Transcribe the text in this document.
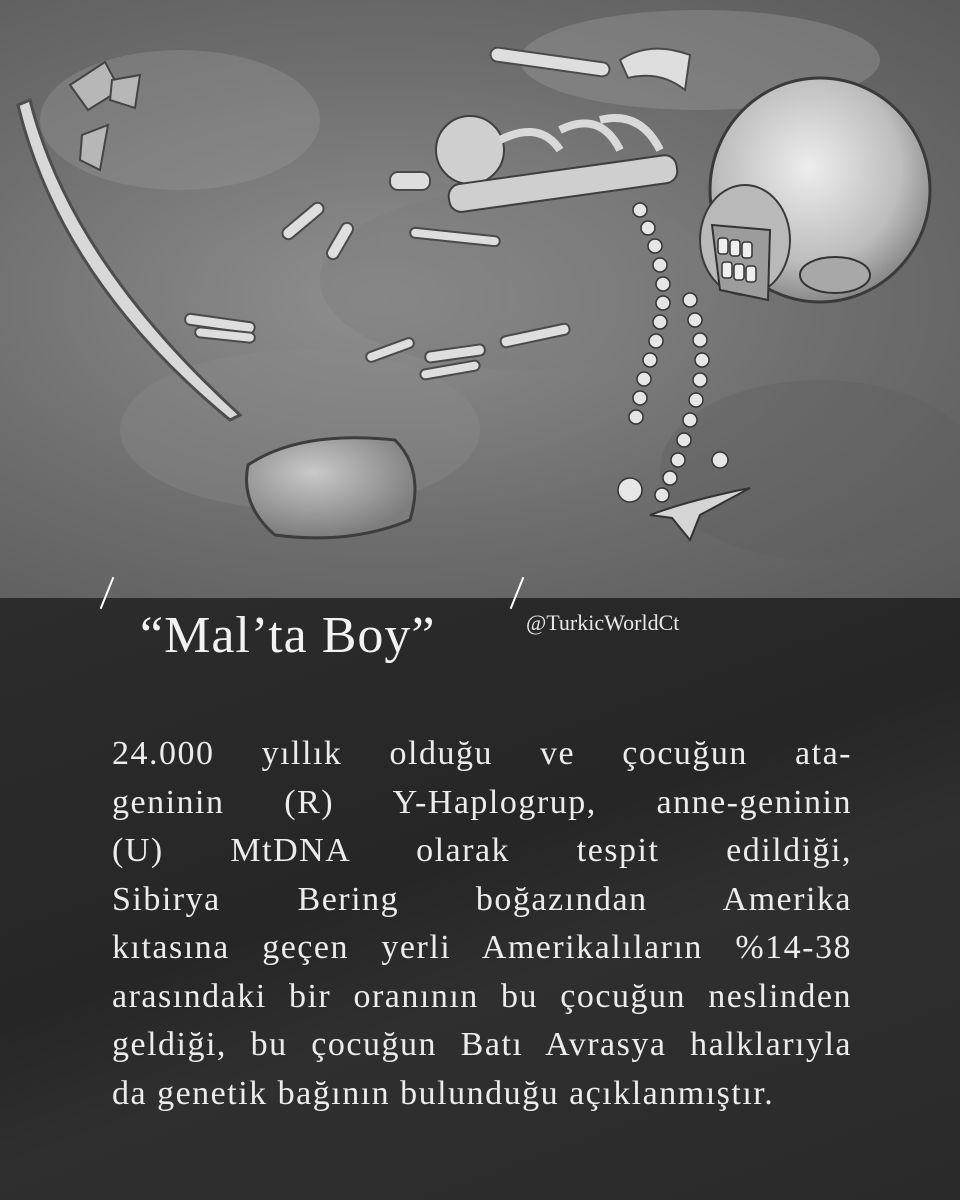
“Mal’ta Boy”	@TurkicWorldCt
24.000 yıllık olduğu ve çocuğun ata-
geninin (R) Y-Haplogrup, anne-geninin
(U) MtDNA olarak tespit edildiği,
Sibirya Bering boğazından Amerika
kıtasına geçen yerli Amerikalıların %14-38
arasındaki bir oranının bu çocuğun neslinden
geldiği, bu çocuğun Batı Avrasya halklarıyla
da genetik bağının bulunduğu açıklanmıştır.
